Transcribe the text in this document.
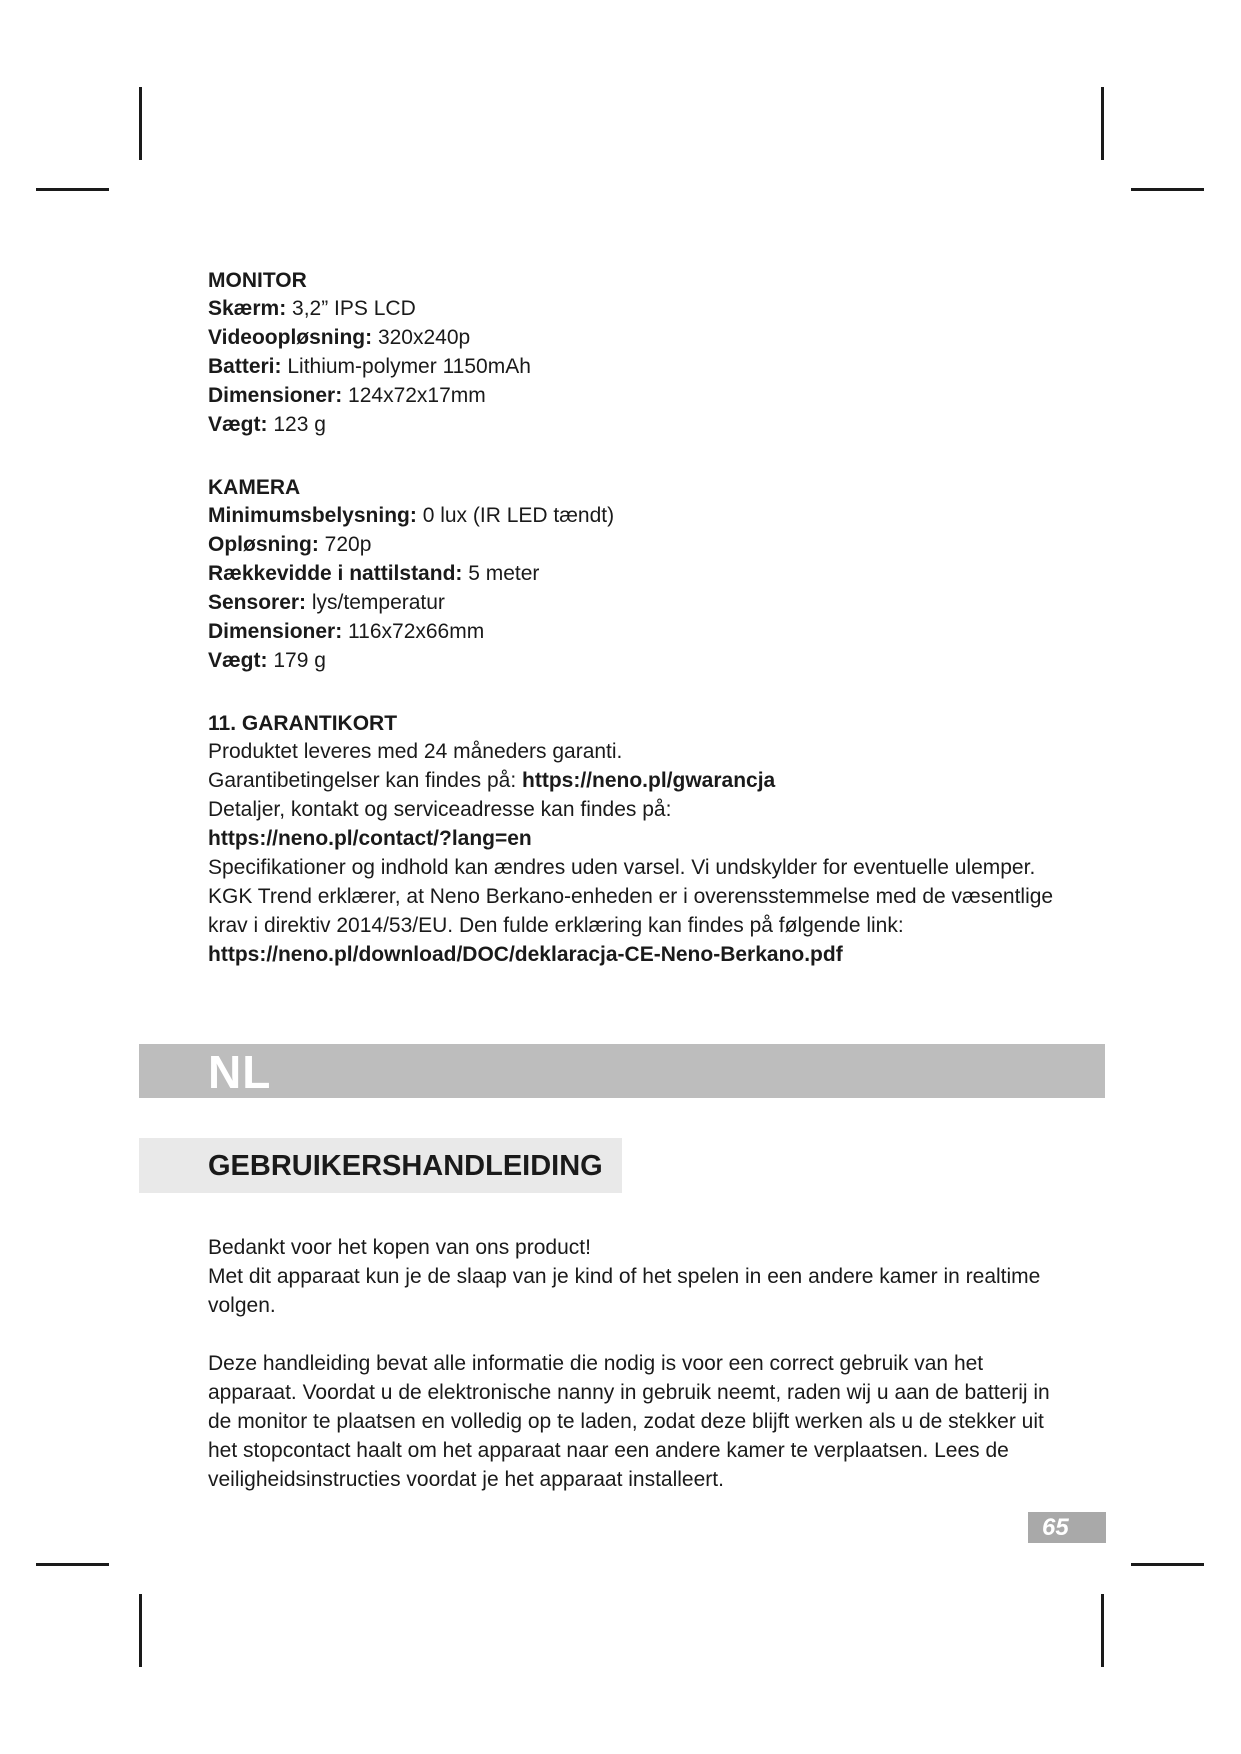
MONITOR

Skærm: 3,2” IPS LCD

Videoopløsning: 320x240p

Batteri: Lithium-polymer 1150mAh

Dimensioner: 124x72x17mm

Vægt: 123 g

KAMERA

Minimumsbelysning: 0 lux (IR LED tændt)

Opløsning: 720p

Rækkevidde i nattilstand: 5 meter

Sensorer: lys/temperatur

Dimensioner: 116x72x66mm

Vægt: 179 g

11. GARANTIKORT

Produktet leveres med 24 måneders garanti.

Garantibetingelser kan findes på: https://neno.pl/gwarancja

Detaljer, kontakt og serviceadresse kan findes på:

https://neno.pl/contact/?lang=en

Specifikationer og indhold kan ændres uden varsel. Vi undskylder for eventuelle ulemper.

KGK Trend erklærer, at Neno Berkano-enheden er i overensstemmelse med de væsentlige krav i direktiv 2014/53/EU. Den fulde erklæring kan findes på følgende link: https://neno.pl/download/DOC/deklaracja-CE-Neno-Berkano.pdf

NL
GEBRUIKERSHANDLEIDING

Bedankt voor het kopen van ons product!

Met dit apparaat kun je de slaap van je kind of het spelen in een andere kamer in realtime volgen.

Deze handleiding bevat alle informatie die nodig is voor een correct gebruik van het apparaat. Voordat u de elektronische nanny in gebruik neemt, raden wij u aan de batterij in de monitor te plaatsen en volledig op te laden, zodat deze blijft werken als u de stekker uit het stopcontact haalt om het apparaat naar een andere kamer te verplaatsen. Lees de veiligheidsinstructies voordat je het apparaat installeert.

65
